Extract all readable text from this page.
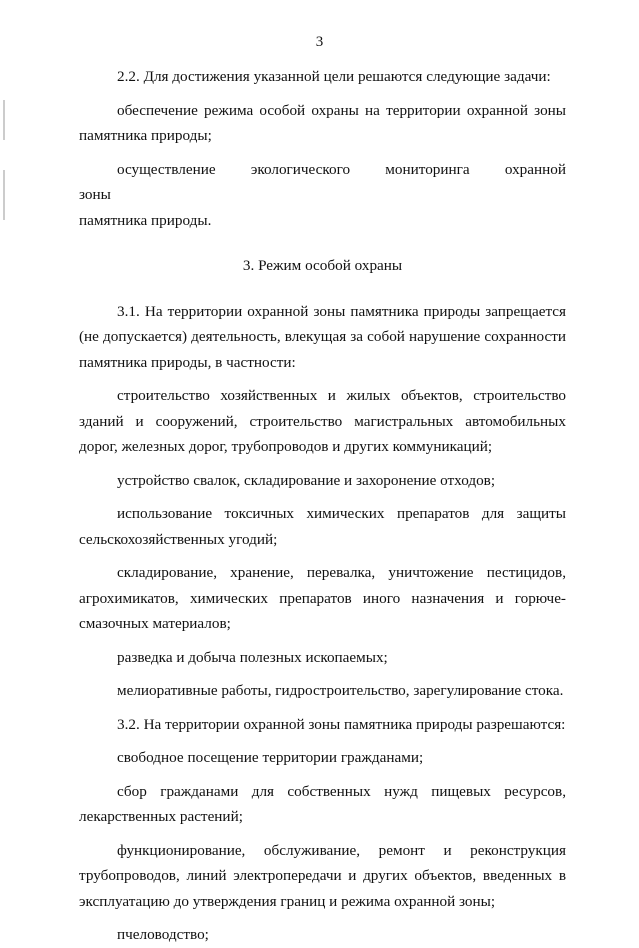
3

2.2. Для достижения указанной цели решаются следующие задачи:

обеспечение режима особой охраны на территории охранной зоны

памятника природы;

осуществление экологического мониторинга охранной зоны

памятника природы.

3. Режим особой охраны

3.1. На территории охранной зоны памятника природы запрещается

(не допускается) деятельность, влекущая за собой нарушение сохранности

памятника природы, в частности:

строительство хозяйственных и жилых объектов, строительство

зданий и сооружений, строительство магистральных автомобильных

дорог, железных дорог, трубопроводов и других коммуникаций;

устройство свалок, складирование и захоронение отходов;

использование токсичных химических препаратов для защиты

сельскохозяйственных угодий;

складирование, хранение, перевалка, уничтожение пестицидов,

агрохимикатов, химических препаратов иного назначения и горюче-

смазочных материалов;

разведка и добыча полезных ископаемых;

мелиоративные работы, гидростроительство, зарегулирование стока.

3.2. На территории охранной зоны памятника природы разрешаются:

свободное посещение территории гражданами;

сбор гражданами для собственных нужд пищевых ресурсов,

лекарственных растений;

функционирование, обслуживание, ремонт и реконструкция

трубопроводов, линий электропередачи и других объектов, введенных в

эксплуатацию до утверждения границ и режима охранной зоны;

пчеловодство;
